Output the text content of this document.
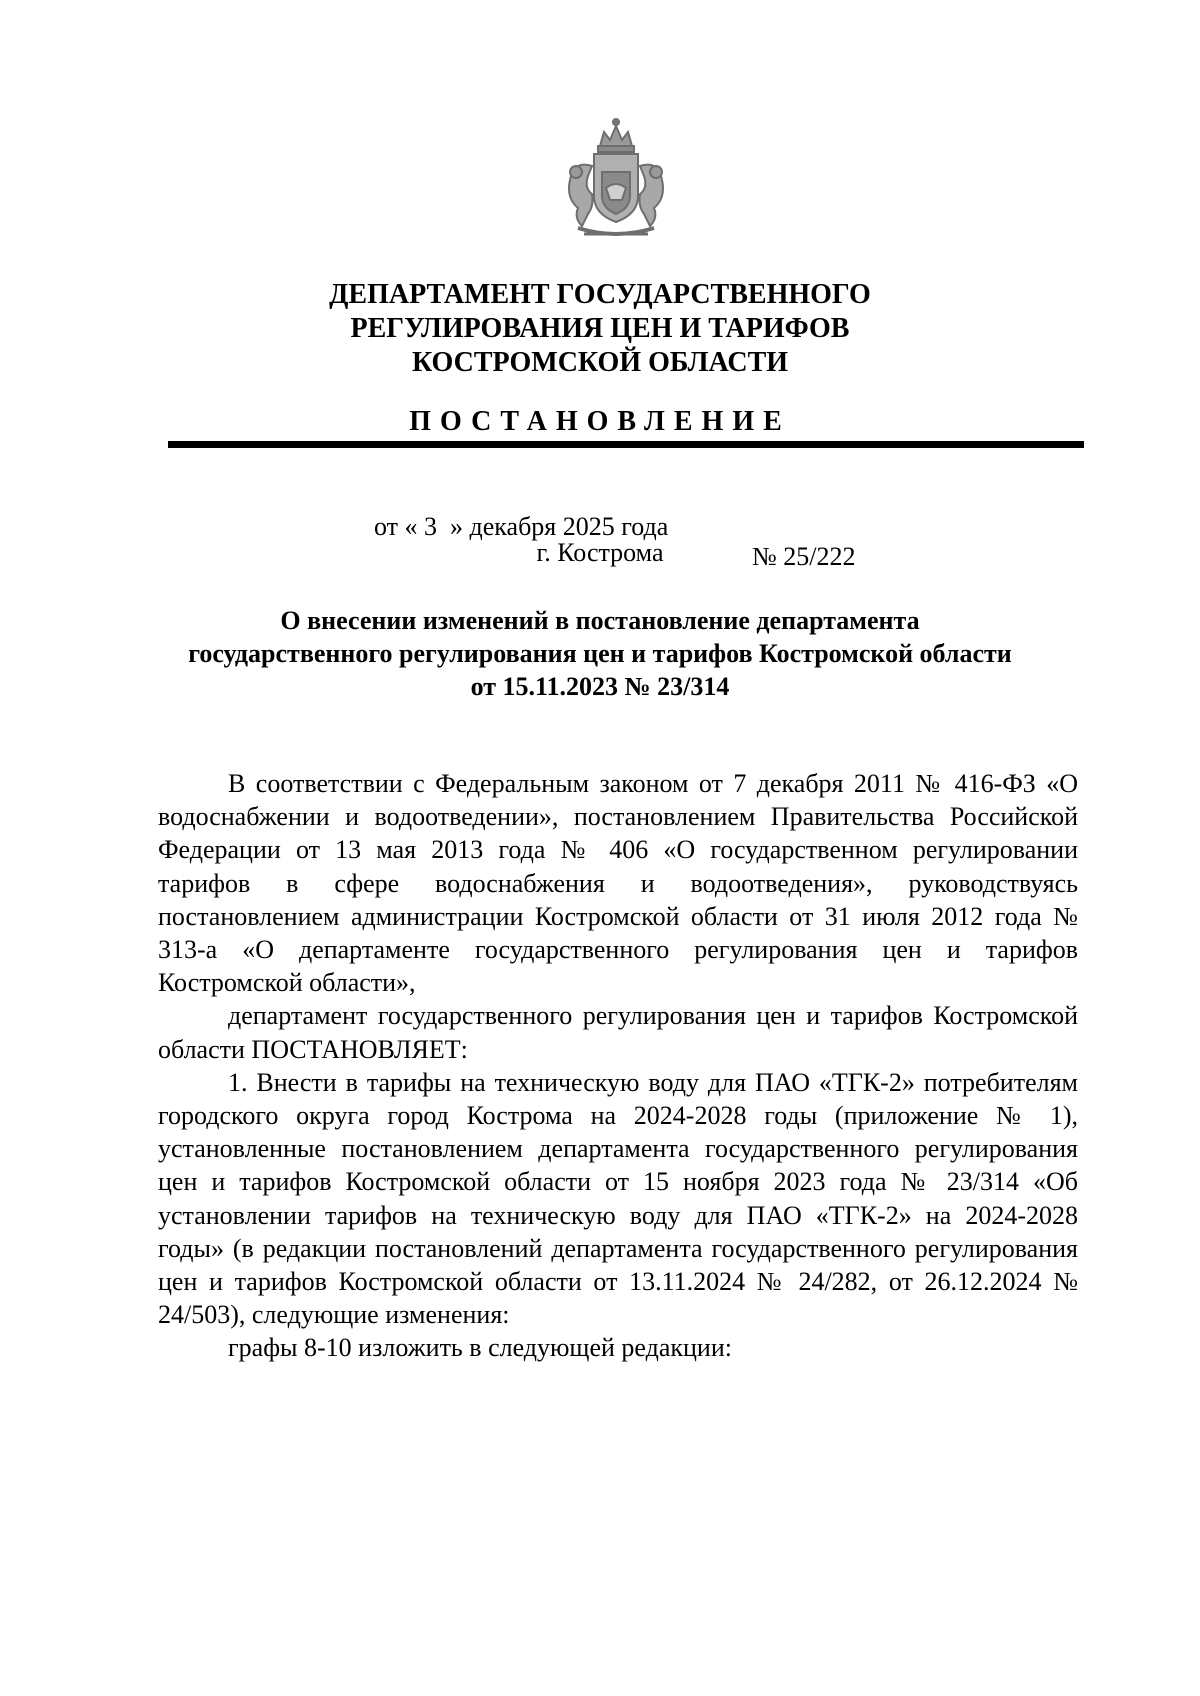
ДЕПАРТАМЕНТ ГОСУДАРСТВЕННОГО
РЕГУЛИРОВАНИЯ ЦЕН И ТАРИФОВ
КОСТРОМСКОЙ ОБЛАСТИ
ПОСТАНОВЛЕНИЕ

от « 3  » декабря 2025 года

№ 25/222

г. Кострома
О внесении изменений в постановление департамента
государственного регулирования цен и тарифов Костромской области
от 15.11.2023 № 23/314

В соответствии с Федеральным законом от 7 декабря 2011 № 416-ФЗ «О водоснабжении и водоотведении», постановлением Правительства Российской Федерации от 13 мая 2013 года № 406 «О государственном регулировании тарифов в сфере водоснабжения и водоотведения», руководствуясь постановлением администрации Костромской области от 31 июля 2012 года № 313-а «О департаменте государственного регулирования цен и тарифов Костромской области»,

департамент государственного регулирования цен и тарифов Костромской области ПОСТАНОВЛЯЕТ:

1. Внести в тарифы на техническую воду для ПАО «ТГК-2» потребителям городского округа город Кострома на 2024-2028 годы (приложение № 1), установленные постановлением департамента государственного регулирования цен и тарифов Костромской области от 15 ноября 2023 года № 23/314 «Об установлении тарифов на техническую воду для ПАО «ТГК-2» на 2024-2028 годы» (в редакции постановлений департамента государственного регулирования цен и тарифов Костромской области от 13.11.2024 № 24/282, от 26.12.2024 № 24/503), следующие изменения:

графы 8-10 изложить в следующей редакции:
